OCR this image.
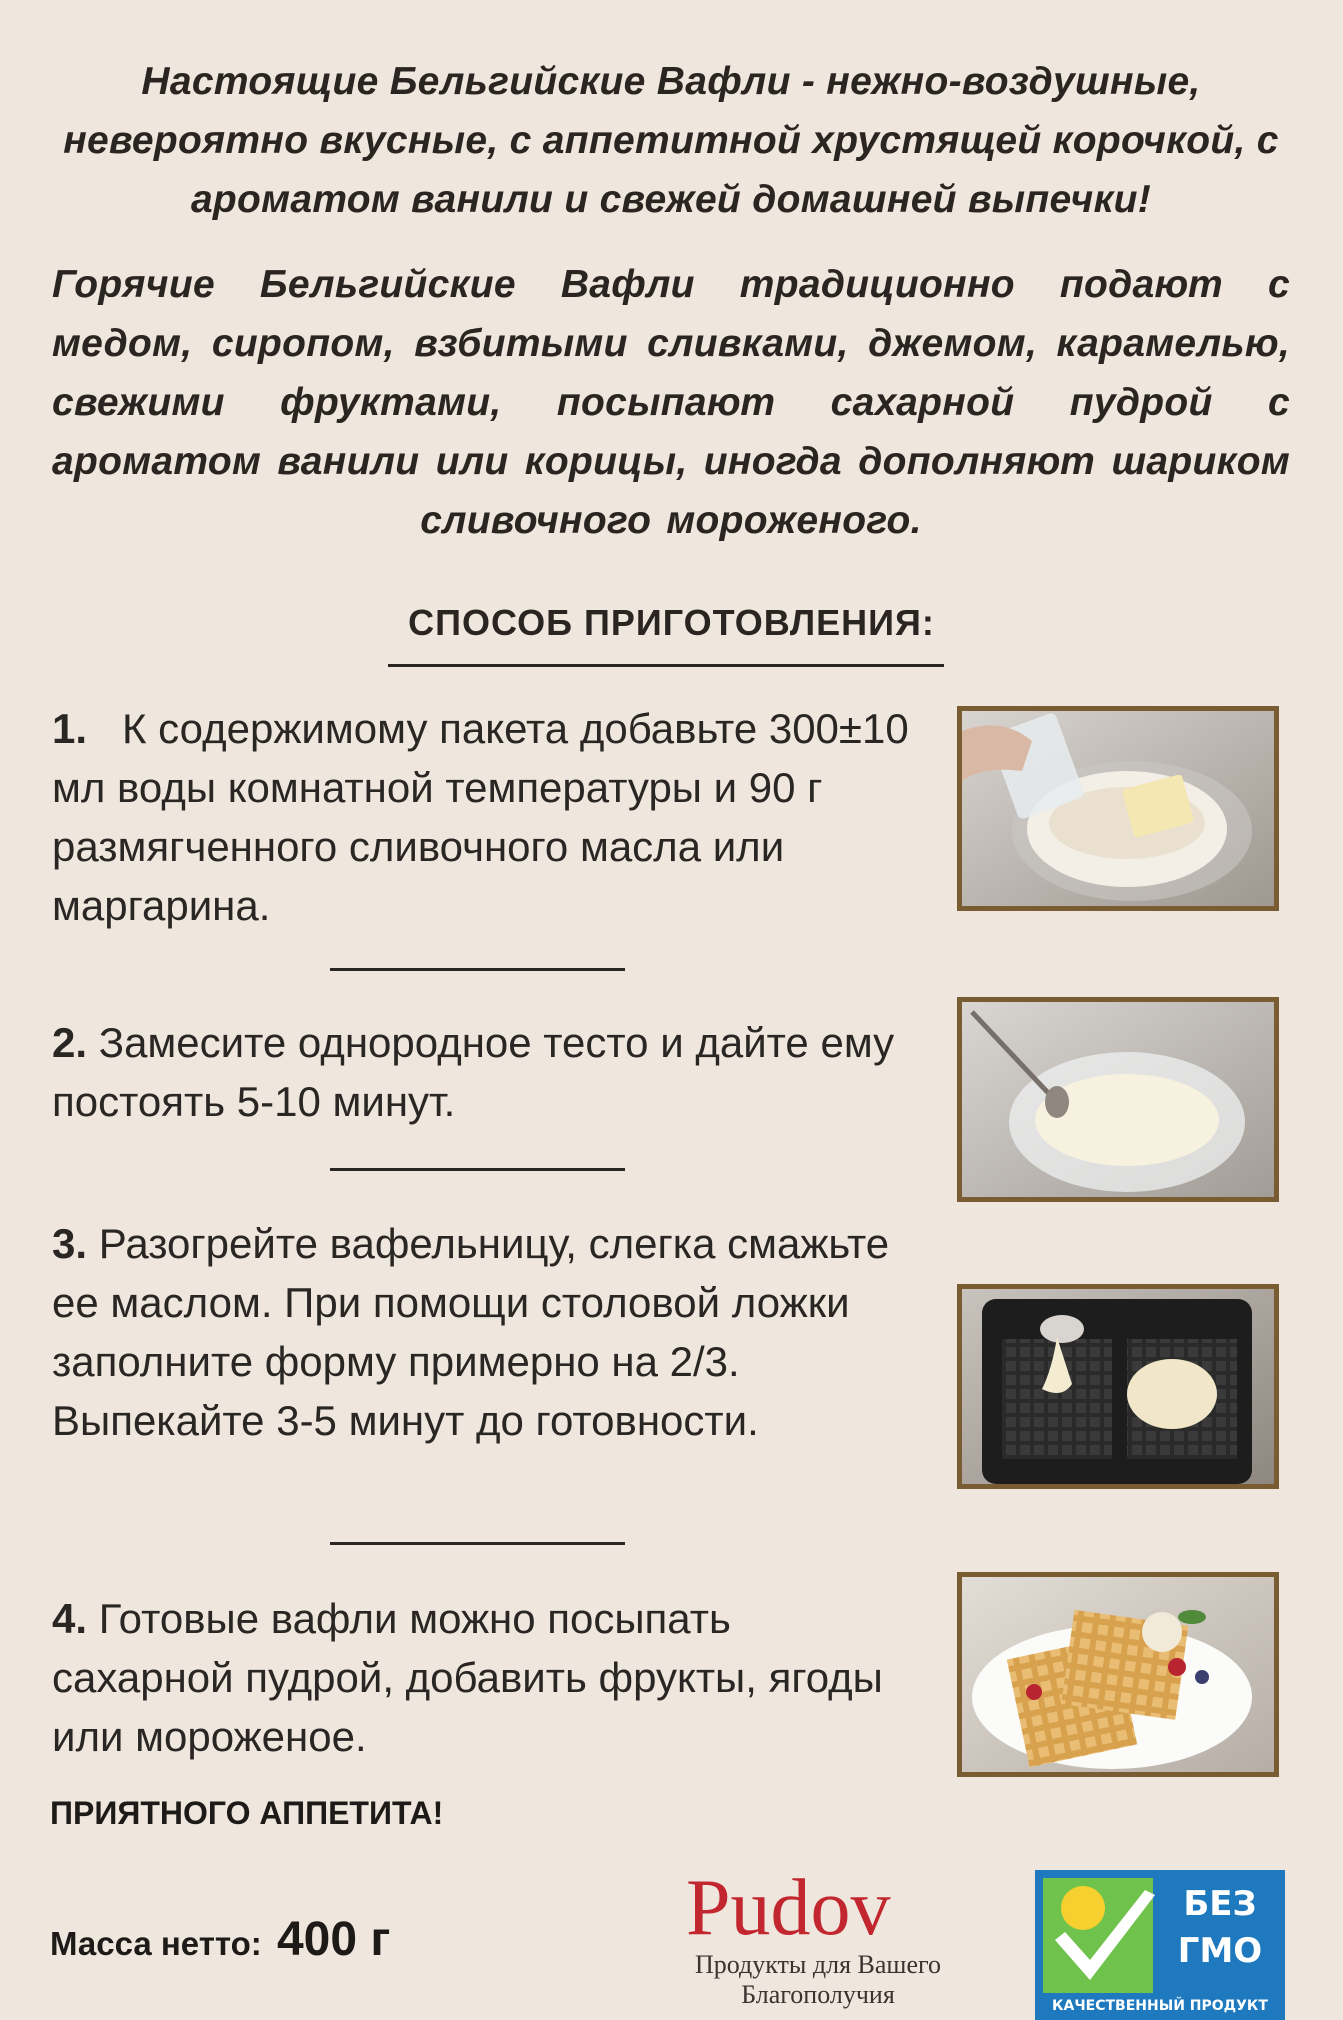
Настоящие Бельгийские Вафли - нежно-воздушные, невероятно вкусные, с аппетитной хрустящей корочкой, с ароматом ванили и свежей домашней выпечки!
Горячие Бельгийские Вафли традиционно подают с медом, сиропом, взбитыми сливками, джемом, карамелью, свежими фруктами, посыпают сахарной пудрой с ароматом ванили или корицы, иногда дополняют шариком сливочного мороженого.
СПОСОБ ПРИГОТОВЛЕНИЯ:
1. К содержимому пакета добавьте 300±10 мл воды комнатной температуры и 90 г размягченного сливочного масла или маргарина.
2. Замесите однородное тесто и дайте ему постоять 5-10 минут.
3. Разогрейте вафельницу, слегка смажьте ее маслом. При помощи столовой ложки заполните форму примерно на 2/3. Выпекайте 3-5 минут до готовности.
4. Готовые вафли можно посыпать сахарной пудрой, добавить фрукты, ягоды или мороженое.
ПРИЯТНОГО АППЕТИТА!
Масса нетто: 400 г	Pudov
Продукты для Вашего Благополучия
БЕЗ
ГМО
КАЧЕСТВЕННЫЙ ПРОДУКТ
